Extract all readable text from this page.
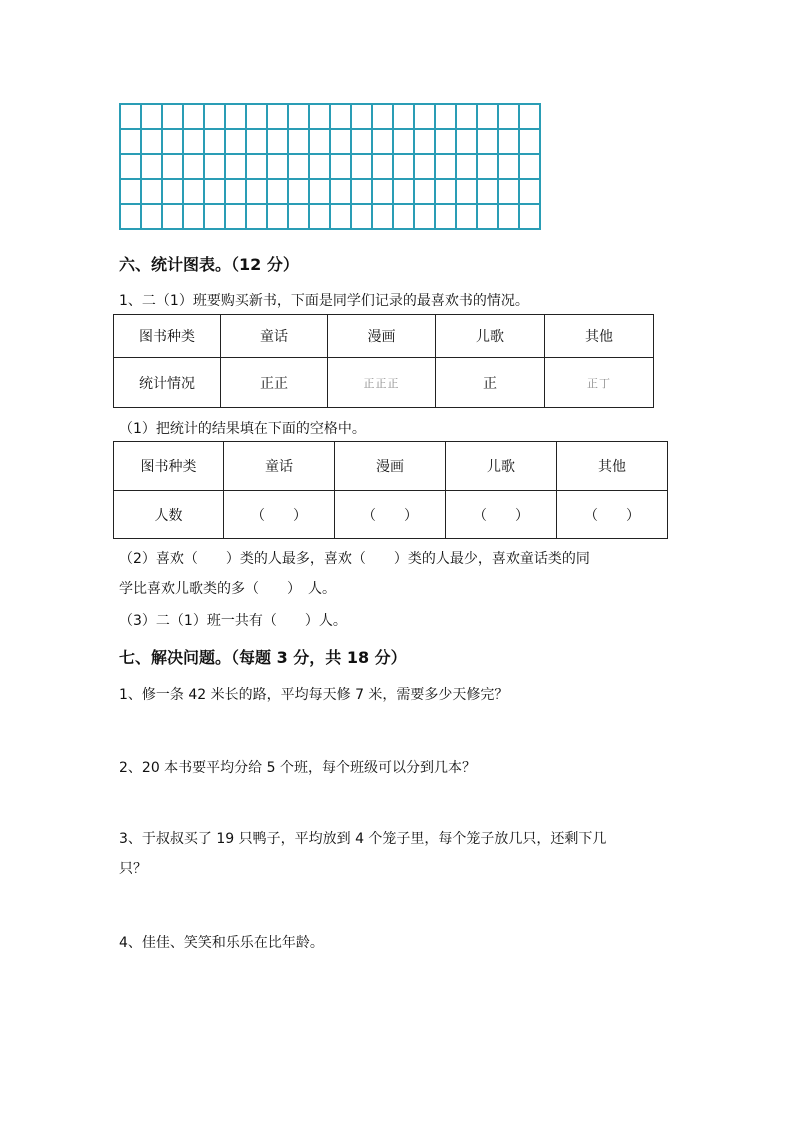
六、统计图表。（12 分）
1、二（1）班要购买新书，下面是同学们记录的最喜欢书的情况。
图书种类	童话	漫画	儿歌	其他
统计情况	正正	正正正	正	正丁
（1）把统计的结果填在下面的空格中。
图书种类	童话	漫画	儿歌	其他
人数	（　　）	（　　）	（　　）	（　　）
（2）喜欢（　　）类的人最多，喜欢（　　）类的人最少，喜欢童话类的同
学比喜欢儿歌类的多（　　）　人。
（3）二（1）班一共有（　　）人。
七、解决问题。（每题 3 分，共 18 分）
1、修一条 42 米长的路，平均每天修 7 米，需要多少天修完？
2、20 本书要平均分给 5 个班，每个班级可以分到几本？
3、于叔叔买了 19 只鸭子，平均放到 4 个笼子里，每个笼子放几只，还剩下几
只？
4、佳佳、笑笑和乐乐在比年龄。
